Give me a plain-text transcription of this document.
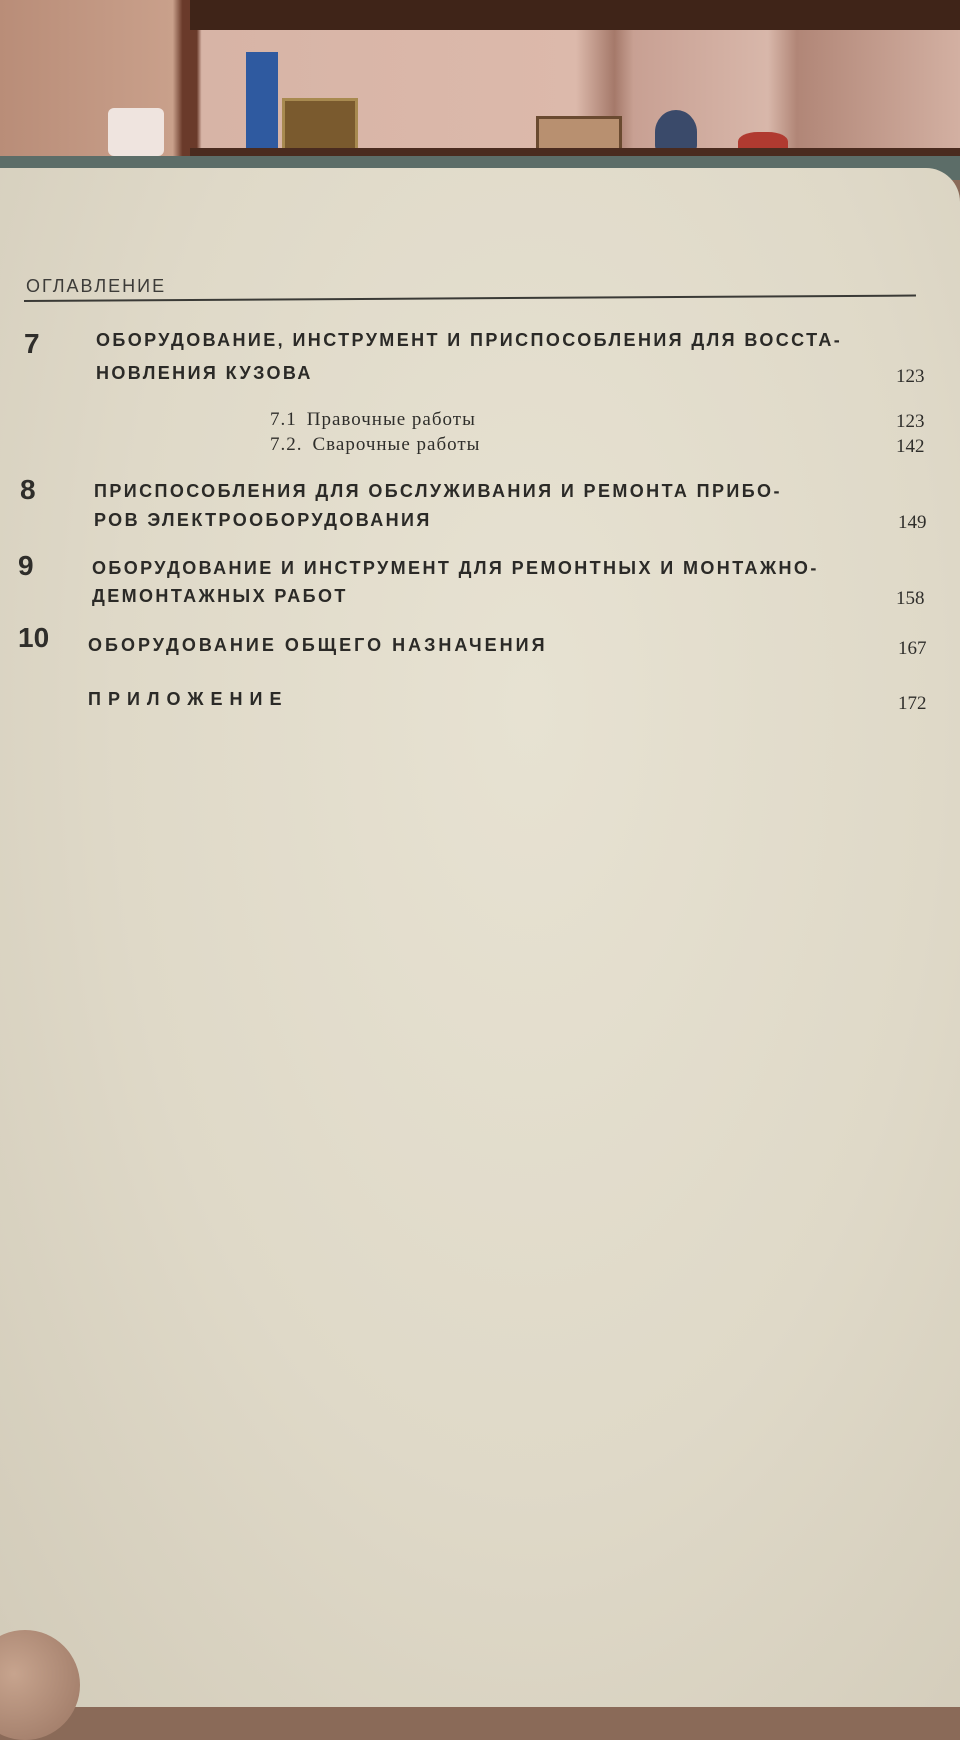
ОГЛАВЛЕНИЕ
7	ОБОРУДОВАНИЕ, ИНСТРУМЕНТ И ПРИСПОСОБЛЕНИЯ ДЛЯ ВОССТА-
НОВЛЕНИЯ КУЗОВА	123
7.1 Правочные работы	123
7.2. Сварочные работы	142
8	ПРИСПОСОБЛЕНИЯ ДЛЯ ОБСЛУЖИВАНИЯ И РЕМОНТА ПРИБО-
РОВ ЭЛЕКТРООБОРУДОВАНИЯ	149
9	ОБОРУДОВАНИЕ И ИНСТРУМЕНТ ДЛЯ РЕМОНТНЫХ И МОНТАЖНО-
ДЕМОНТАЖНЫХ РАБОТ	158
10 ОБОРУДОВАНИЕ ОБЩЕГО НАЗНАЧЕНИЯ	167
ПРИЛОЖЕНИЕ	172
